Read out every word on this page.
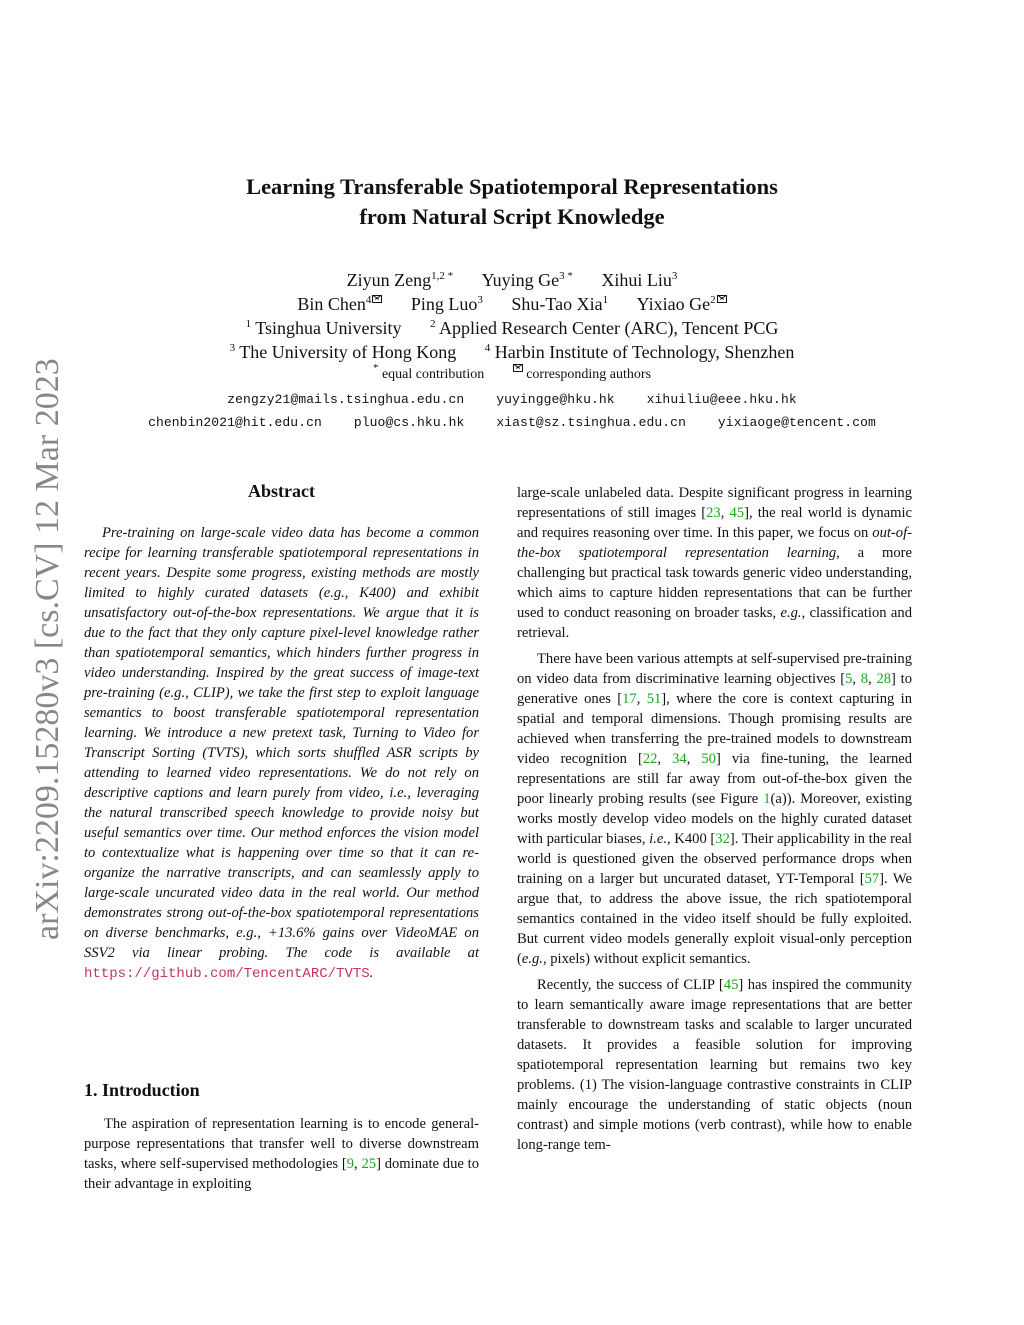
arXiv:2209.15280v3 [cs.CV] 12 Mar 2023
Learning Transferable Spatiotemporal Representations
from Natural Script Knowledge
Ziyun Zeng$^{1,2 *}$ Yuying $Ge^{3 *}$ Xihui Liu$^3$
Bin Chen$^4$ Ping Luo$^3$ Shu-Tao Xia$^1$ Yixiao Ge$^2$
$^1$ Tsinghua University	$^2$ Applied Research Center (ARC), Tencent PCG
$^3$ The University of Hong Kong	$^4$ Harbin Institute of Technology, Shenzhen
* equal contribution	corresponding authors
zengzy21@mails.tsinghua.edu.cn yuyingge@hku.hk xihuiliu@eee.hku.hk
chenbin2021@hit.edu.cn pluo@cs.hku.hk xiast@sz.tsinghua.edu.cn yixiaoge@tencent.com
Abstract

Pre-training on large-scale video data has become a common recipe for learning transferable spatiotemporal representations in recent years. Despite some progress, existing methods are mostly limited to highly curated datasets (e.g., K400) and exhibit unsatisfactory out-of-the-box representations. We argue that it is due to the fact that they only capture pixel-level knowledge rather than spatiotemporal semantics, which hinders further progress in video understanding. Inspired by the great success of image-text pre-training (e.g., CLIP), we take the first step to exploit language semantics to boost transferable spatiotemporal representation learning. We introduce a new pretext task, Turning to Video for Transcript Sorting (TVTS), which sorts shuffled ASR scripts by attending to learned video representations. We do not rely on descriptive captions and learn purely from video, i.e., leveraging the natural transcribed speech knowledge to provide noisy but useful semantics over time. Our method enforces the vision model to contextualize what is happening over time so that it can re-organize the narrative transcripts, and can seamlessly apply to large-scale uncurated video data in the real world. Our method demonstrates strong out-of-the-box spatiotemporal representations on diverse benchmarks, e.g., +13.6% gains over VideoMAE on SSV2 via linear probing. The code is available at https://github.com/TencentARC/TVTS.

1. Introduction

The aspiration of representation learning is to encode general-purpose representations that transfer well to diverse downstream tasks, where self-supervised methodologies [9, 25] dominate due to their advantage in exploiting

large-scale unlabeled data. Despite significant progress in learning representations of still images [23, 45], the real world is dynamic and requires reasoning over time. In this paper, we focus on out-of-the-box spatiotemporal representation learning, a more challenging but practical task towards generic video understanding, which aims to capture hidden representations that can be further used to conduct reasoning on broader tasks, e.g., classification and retrieval.

There have been various attempts at self-supervised pre-training on video data from discriminative learning objectives [5, 8, 28] to generative ones [17, 51], where the core is context capturing in spatial and temporal dimensions. Though promising results are achieved when transferring the pre-trained models to downstream video recognition [22, 34, 50] via fine-tuning, the learned representations are still far away from out-of-the-box given the poor linearly probing results (see Figure 1(a)). Moreover, existing works mostly develop video models on the highly curated dataset with particular biases, i.e., K400 [32]. Their applicability in the real world is questioned given the observed performance drops when training on a larger but uncurated dataset, YT-Temporal [57]. We argue that, to address the above issue, the rich spatiotemporal semantics contained in the video itself should be fully exploited. But current video models generally exploit visual-only perception (e.g., pixels) without explicit semantics.

Recently, the success of CLIP [45] has inspired the community to learn semantically aware image representations that are better transferable to downstream tasks and scalable to larger uncurated datasets. It provides a feasible solution for improving spatiotemporal representation learning but remains two key problems. (1) The vision-language contrastive constraints in CLIP mainly encourage the understanding of static objects (noun contrast) and simple motions (verb contrast), while how to enable long-range tem-
